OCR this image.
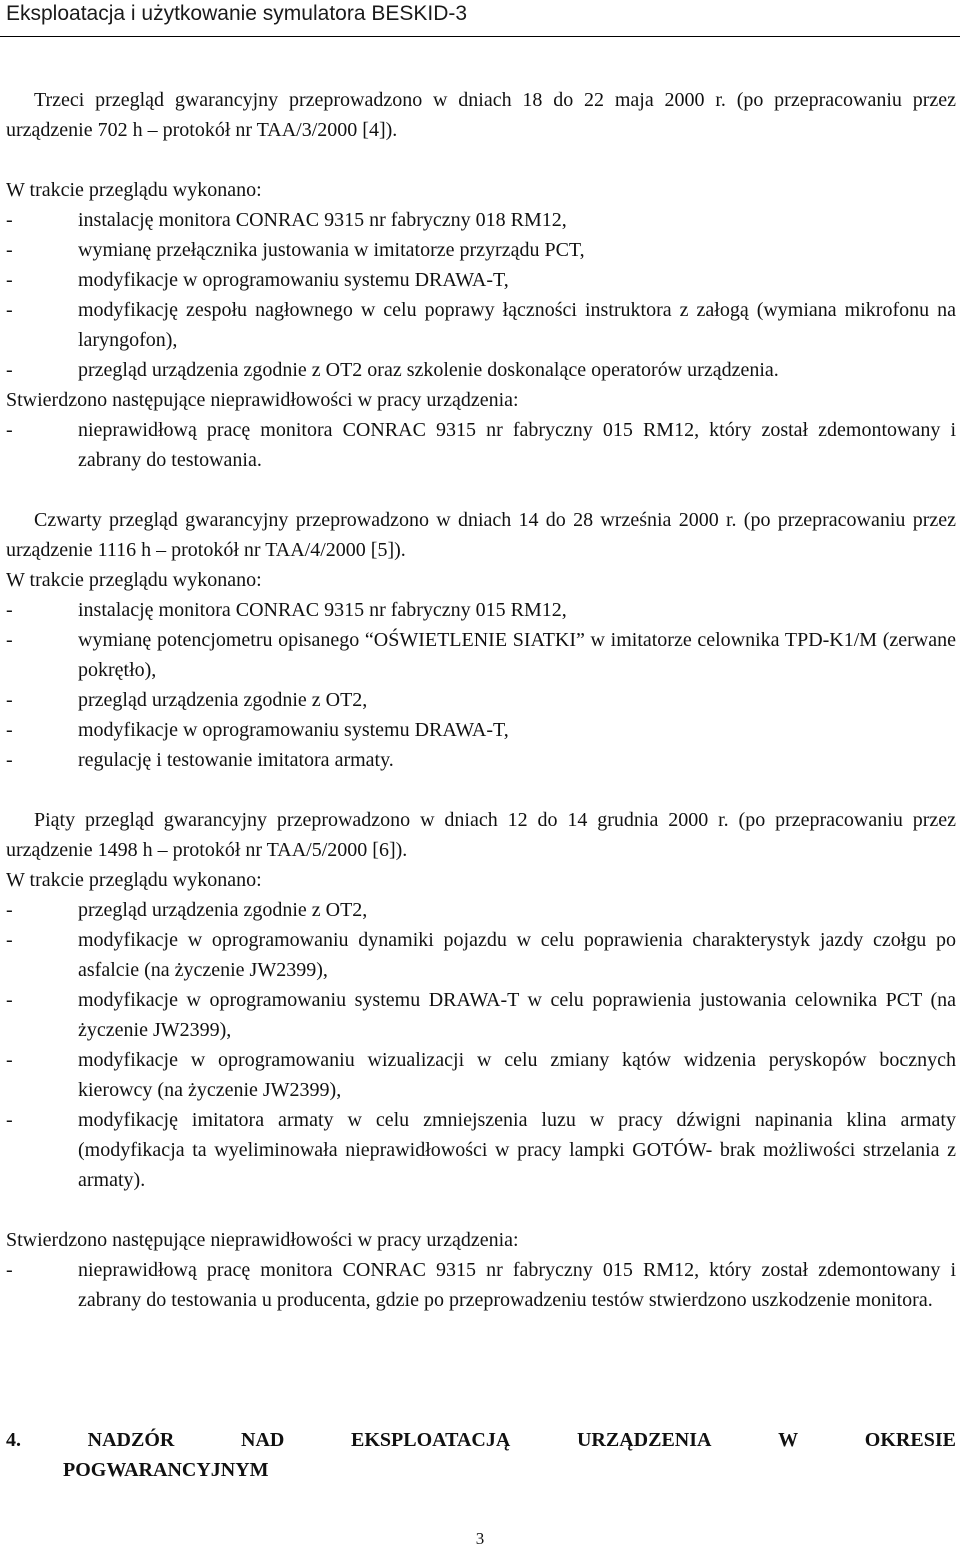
Eksploatacja i użytkowanie symulatora BESKID-3

Trzeci przegląd gwarancyjny przeprowadzono w dniach 18 do 22 maja 2000 r. (po przepracowaniu przez urządzenie 702 h – protokół nr TAA/3/2000 [4]).

W trakcie przeglądu wykonano:

-	instalację monitora CONRAC 9315 nr fabryczny 018 RM12,
-	wymianę przełącznika justowania w imitatorze przyrządu PCT,
-	modyfikacje w oprogramowaniu systemu DRAWA-T,
-	modyfikację zespołu nagłownego w celu poprawy łączności instruktora z załogą (wymiana mikrofonu na laryngofon),
-	przegląd urządzenia zgodnie z OT2 oraz szkolenie doskonalące operatorów urządzenia.

Stwierdzono następujące nieprawidłowości w pracy urządzenia:

-	nieprawidłową pracę monitora CONRAC 9315 nr fabryczny 015 RM12, który został zdemontowany i zabrany do testowania.

Czwarty przegląd gwarancyjny przeprowadzono w dniach 14 do 28 września 2000 r. (po przepracowaniu przez urządzenie 1116 h – protokół nr TAA/4/2000 [5]).

W trakcie przeglądu wykonano:

-	instalację monitora CONRAC 9315 nr fabryczny 015 RM12,
-	wymianę potencjometru opisanego “OŚWIETLENIE SIATKI” w imitatorze celownika TPD-K1/M (zerwane pokrętło),
-	przegląd urządzenia zgodnie z OT2,
-	modyfikacje w oprogramowaniu systemu DRAWA-T,
-	regulację i testowanie imitatora armaty.

Piąty przegląd gwarancyjny przeprowadzono w dniach 12 do 14 grudnia 2000 r. (po przepracowaniu przez urządzenie 1498 h – protokół nr TAA/5/2000 [6]).

W trakcie przeglądu wykonano:

-	przegląd urządzenia zgodnie z OT2,
-	modyfikacje w oprogramowaniu dynamiki pojazdu w celu poprawienia charakterystyk jazdy czołgu po asfalcie (na życzenie JW2399),
-	modyfikacje w oprogramowaniu systemu DRAWA-T w celu poprawienia justowania celownika PCT (na życzenie JW2399),
-	modyfikacje w oprogramowaniu wizualizacji w celu zmiany kątów widzenia peryskopów bocznych kierowcy (na życzenie JW2399),
-	modyfikację imitatora armaty w celu zmniejszenia luzu w pracy dźwigni napinania klina armaty (modyfikacja ta wyeliminowała nieprawidłowości w pracy lampki GOTÓW- brak możliwości strzelania z armaty).

Stwierdzono następujące nieprawidłowości w pracy urządzenia:

-	nieprawidłową pracę monitora CONRAC 9315 nr fabryczny 015 RM12, który został zdemontowany i zabrany do testowania u producenta, gdzie po przeprowadzeniu testów stwierdzono uszkodzenie monitora.
4.	NADZÓR	NAD	EKSPLOATACJĄ	URZĄDZENIA	W	OKRESIE
POGWARANCYJNYM
3
